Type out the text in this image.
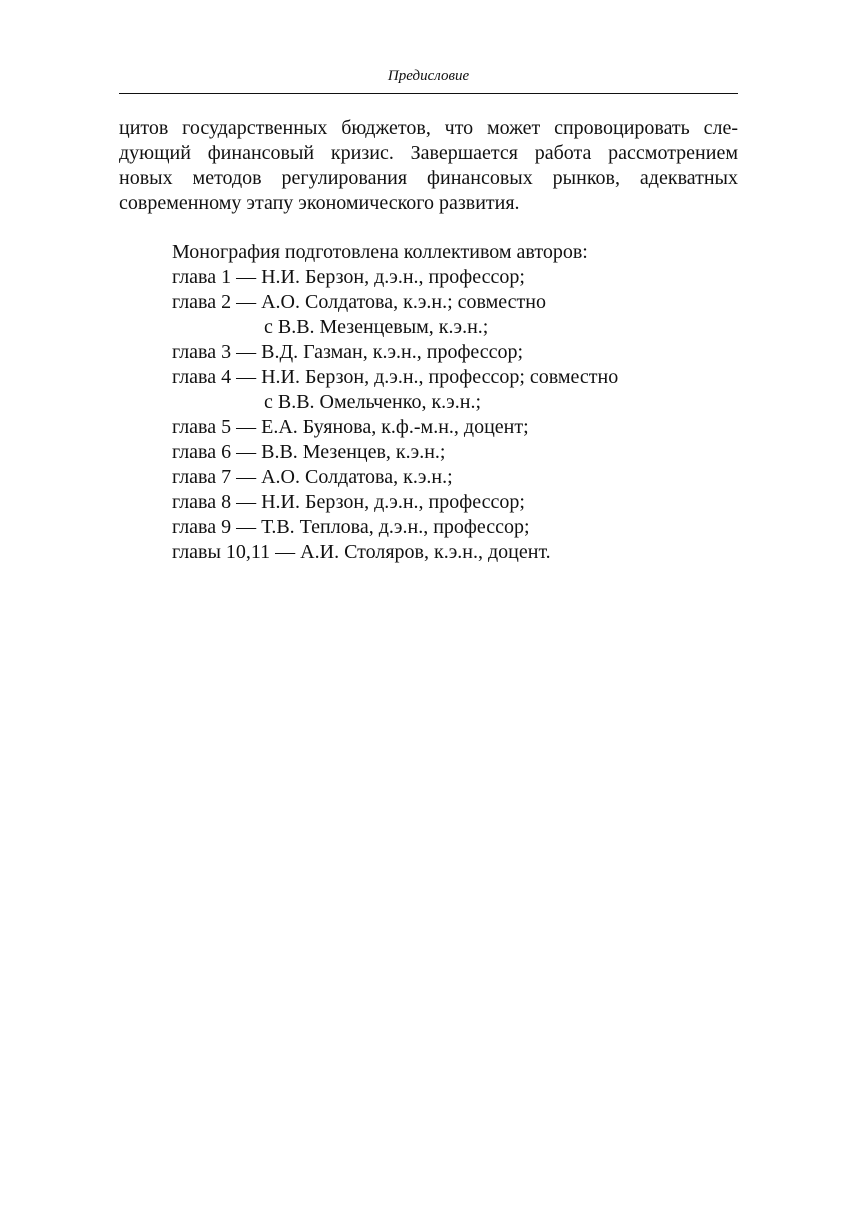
Предисловие
цитов государственных бюджетов, что может спровоцировать сле-
дующий финансовый кризис. Завершается работа рассмотрением
новых методов регулирования финансовых рынков, адекватных
современному этапу экономического развития.
Монография подготовлена коллективом авторов:
глава 1 — Н.И. Берзон, д.э.н., профессор;
глава 2 — А.О. Солдатова, к.э.н.; совместно
с В.В. Мезенцевым, к.э.н.;
глава 3 — В.Д. Газман, к.э.н., профессор;
глава 4 — Н.И. Берзон, д.э.н., профессор; совместно
с В.В. Омельченко, к.э.н.;
глава 5 — Е.А. Буянова, к.ф.-м.н., доцент;
глава 6 — В.В. Мезенцев, к.э.н.;
глава 7 — А.О. Солдатова, к.э.н.;
глава 8 — Н.И. Берзон, д.э.н., профессор;
глава 9 — Т.В. Теплова, д.э.н., профессор;
главы 10,11 — А.И. Столяров, к.э.н., доцент.
